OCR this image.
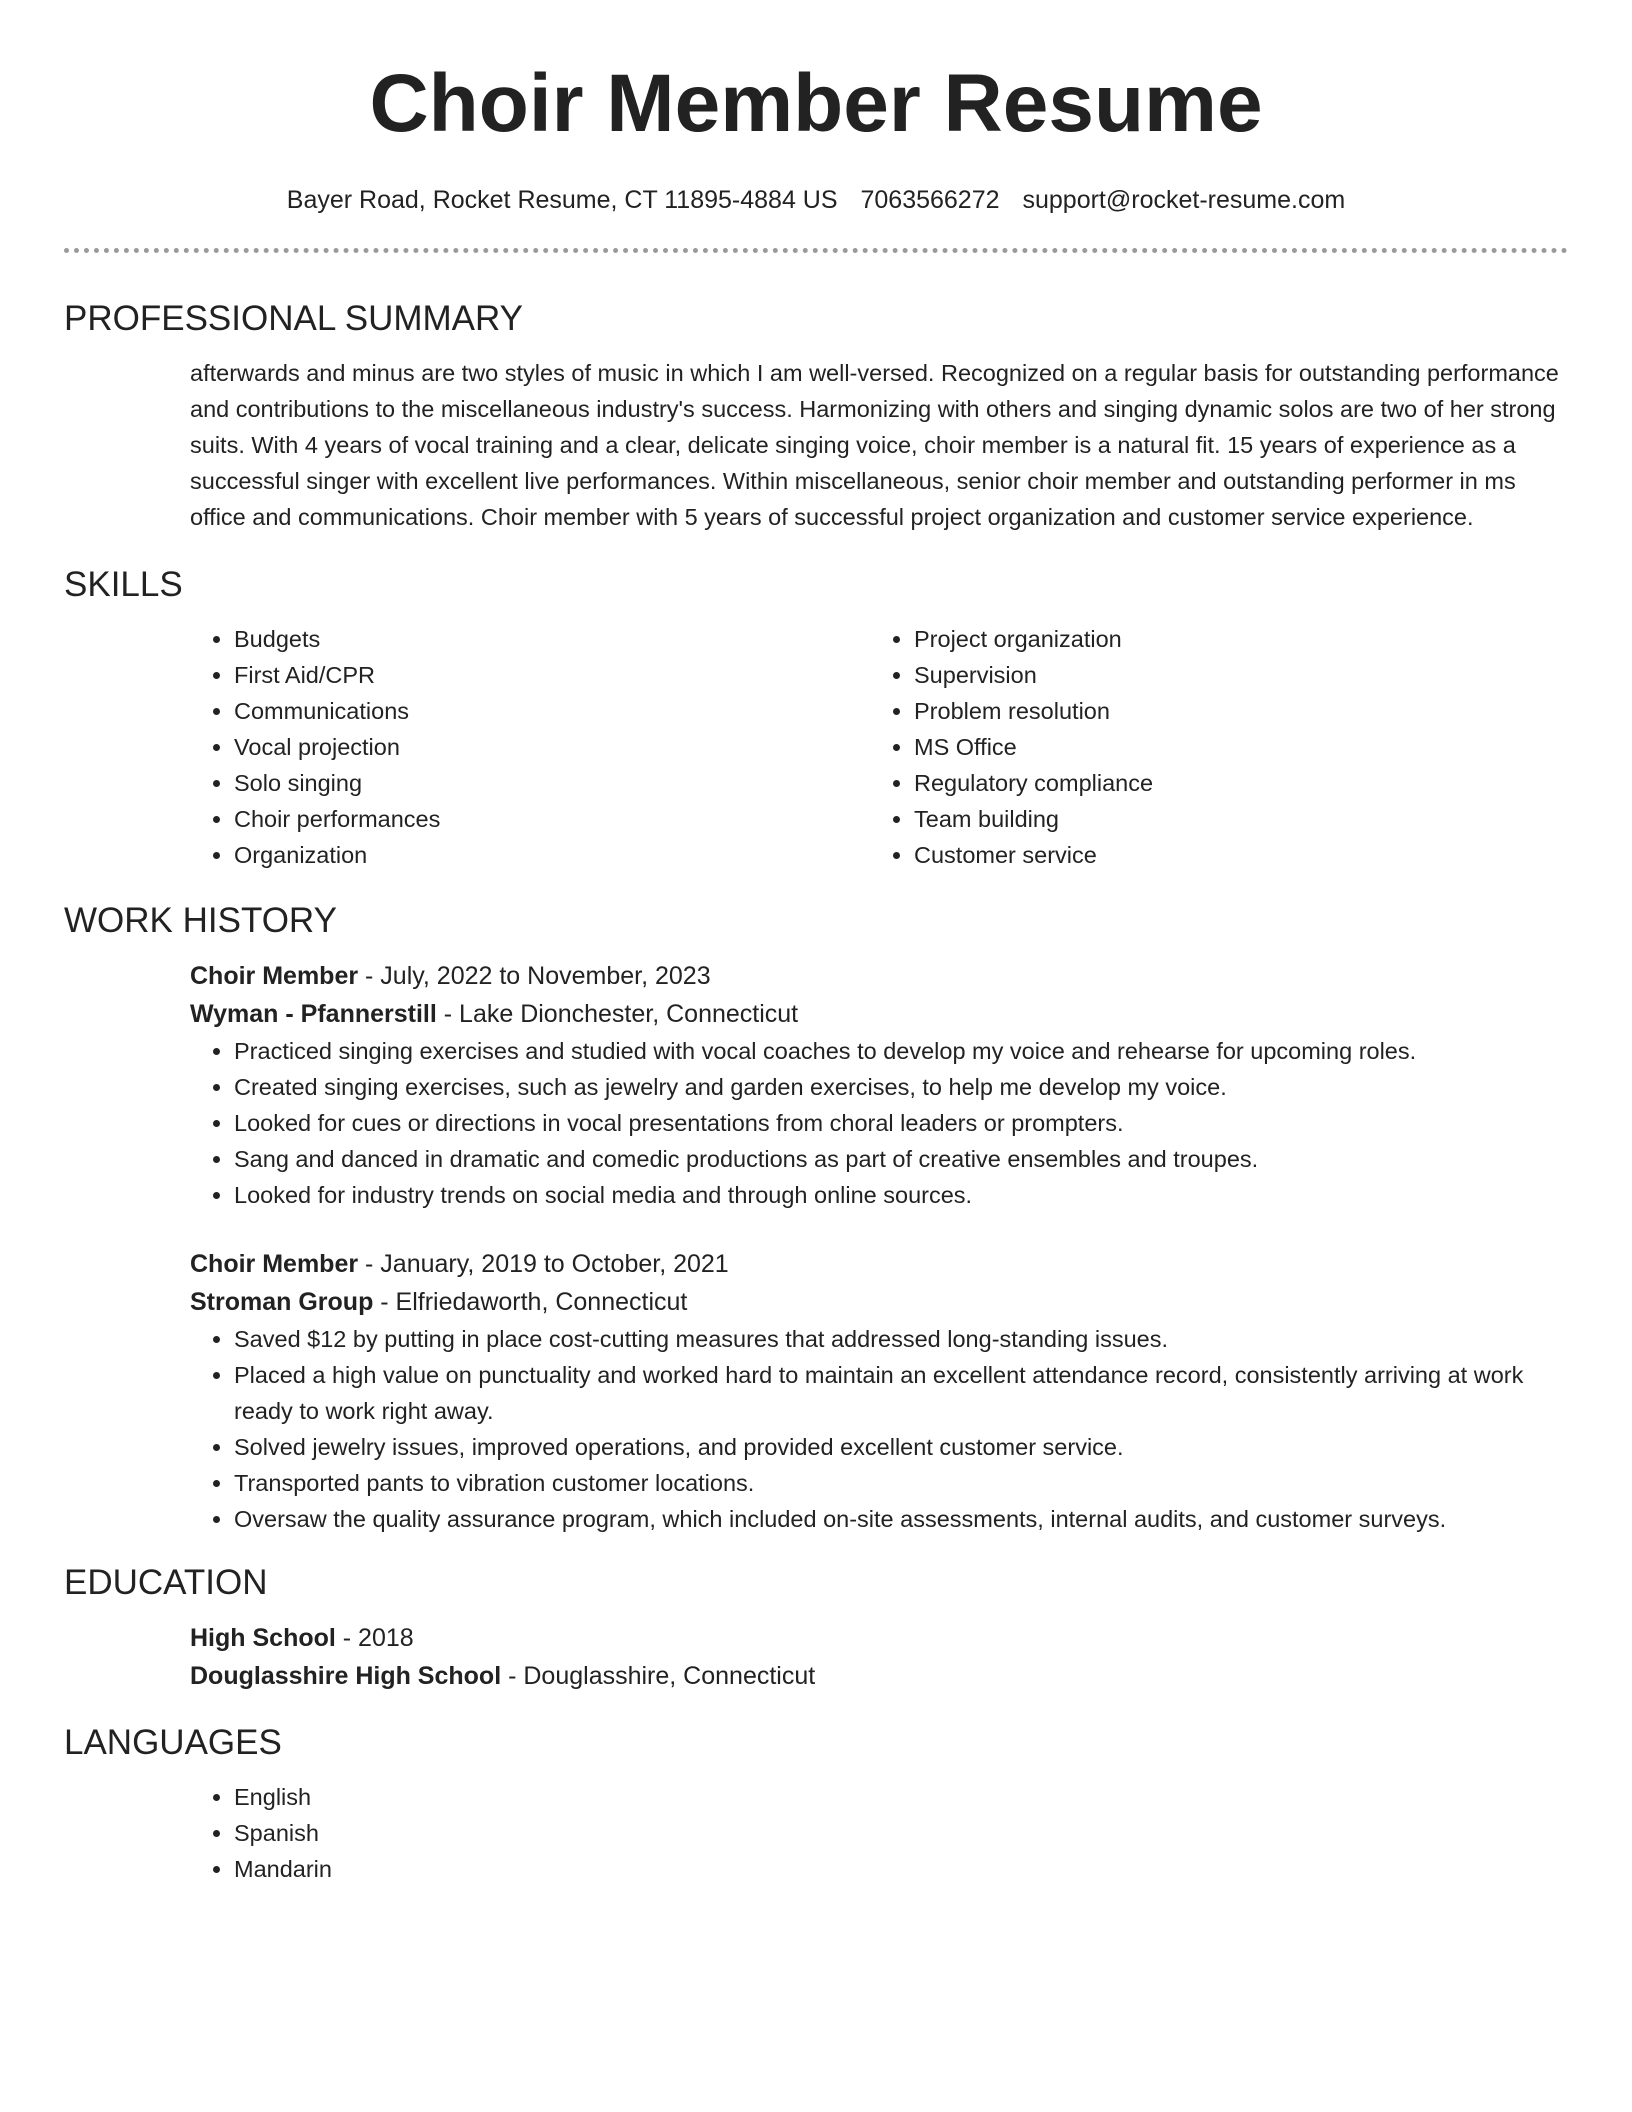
Choir Member Resume
Bayer Road, Rocket Resume, CT 11895-4884 US 7063566272 support@rocket-resume.com
PROFESSIONAL SUMMARY

afterwards and minus are two styles of music in which I am well-versed. Recognized on a regular basis for outstanding performance and contributions to the miscellaneous industry's success. Harmonizing with others and singing dynamic solos are two of her strong suits. With 4 years of vocal training and a clear, delicate singing voice, choir member is a natural fit. 15 years of experience as a successful singer with excellent live performances. Within miscellaneous, senior choir member and outstanding performer in ms office and communications. Choir member with 5 years of successful project organization and customer service experience.

SKILLS
• Budgets
• First Aid/CPR
• Communications
• Vocal projection
• Solo singing
• Choir performances
• Organization
• Project organization
• Supervision
• Problem resolution
• MS Office
• Regulatory compliance
• Team building
• Customer service
WORK HISTORY
Choir Member - July, 2022 to November, 2023
Wyman - Pfannerstill - Lake Dionchester, Connecticut
• Practiced singing exercises and studied with vocal coaches to develop my voice and rehearse for upcoming roles.
• Created singing exercises, such as jewelry and garden exercises, to help me develop my voice.
• Looked for cues or directions in vocal presentations from choral leaders or prompters.
• Sang and danced in dramatic and comedic productions as part of creative ensembles and troupes.
• Looked for industry trends on social media and through online sources.
Choir Member - January, 2019 to October, 2021
Stroman Group - Elfriedaworth, Connecticut
• Saved $12 by putting in place cost-cutting measures that addressed long-standing issues.
• Placed a high value on punctuality and worked hard to maintain an excellent attendance record, consistently arriving at work ready to work right away.
• Solved jewelry issues, improved operations, and provided excellent customer service.
• Transported pants to vibration customer locations.
• Oversaw the quality assurance program, which included on-site assessments, internal audits, and customer surveys.
EDUCATION
High School - 2018
Douglasshire High School - Douglasshire, Connecticut
LANGUAGES
• English
• Spanish
• Mandarin
